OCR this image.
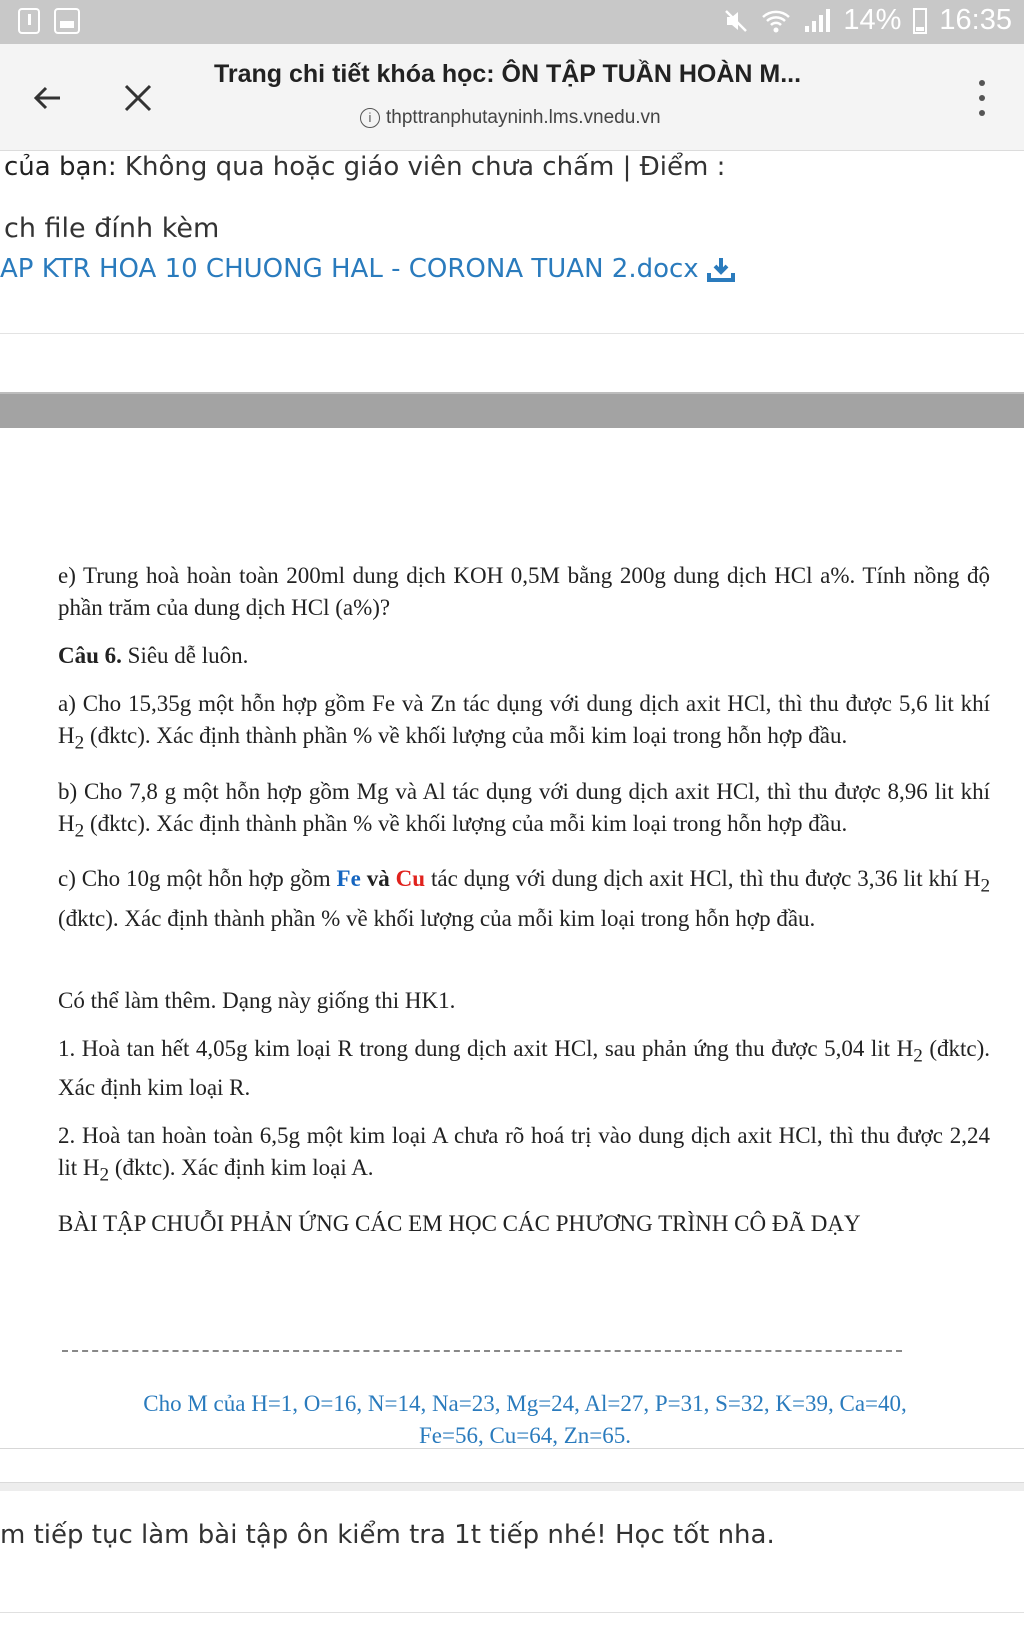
14% 16:35
Trang chi tiết khóa học: ÔN TẬP TUẦN HOÀN M...
i thpttranphutayninh.lms.vnedu.vn
của bạn: Không qua hoặc giáo viên chưa chấm | Điểm :
ch file đính kèm
AP KTR HOA 10 CHUONG HAL - CORONA TUAN 2.docx

e) Trung hoà hoàn toàn 200ml dung dịch KOH 0,5M bằng 200g dung dịch HCl a%. Tính nồng độ phần trăm của dung dịch HCl (a%)?

Câu 6. Siêu dễ luôn.

a) Cho 15,35g một hỗn hợp gồm Fe và Zn tác dụng với dung dịch axit HCl, thì thu được 5,6 lit khí $H_2$ (đktc). Xác định thành phần % về khối lượng của mỗi kim loại trong hỗn hợp đầu.

b) Cho 7,8 g một hỗn hợp gồm Mg và Al tác dụng với dung dịch axit HCl, thì thu được 8,96 lit khí $H_2$ (đktc). Xác định thành phần % về khối lượng của mỗi kim loại trong hỗn hợp đầu.

c) Cho 10g một hỗn hợp gồm Fe và Cu tác dụng với dung dịch axit HCl, thì thu được 3,36 lit khí $H_2$ (đktc). Xác định thành phần % về khối lượng của mỗi kim loại trong hỗn hợp đầu.

Có thể làm thêm. Dạng này giống thi HK1.

1. Hoà tan hết 4,05g kim loại R trong dung dịch axit HCl, sau phản ứng thu được 5,04 lit $H_2$ (đktc). Xác định kim loại R.

2. Hoà tan hoàn toàn 6,5g một kim loại A chưa rõ hoá trị vào dung dịch axit HCl, thì thu được 2,24 lit $H_2$ (đktc). Xác định kim loại A.

BÀI TẬP CHUỖI PHẢN ỨNG CÁC EM HỌC CÁC PHƯƠNG TRÌNH CÔ ĐÃ DẠY

Cho M của H=1, O=16, N=14, Na=23, Mg=24, Al=27, P=31, S=32, K=39, Ca=40,
Fe=56, Cu=64, Zn=65.
m tiếp tục làm bài tập ôn kiểm tra 1t tiếp nhé! Học tốt nha.
